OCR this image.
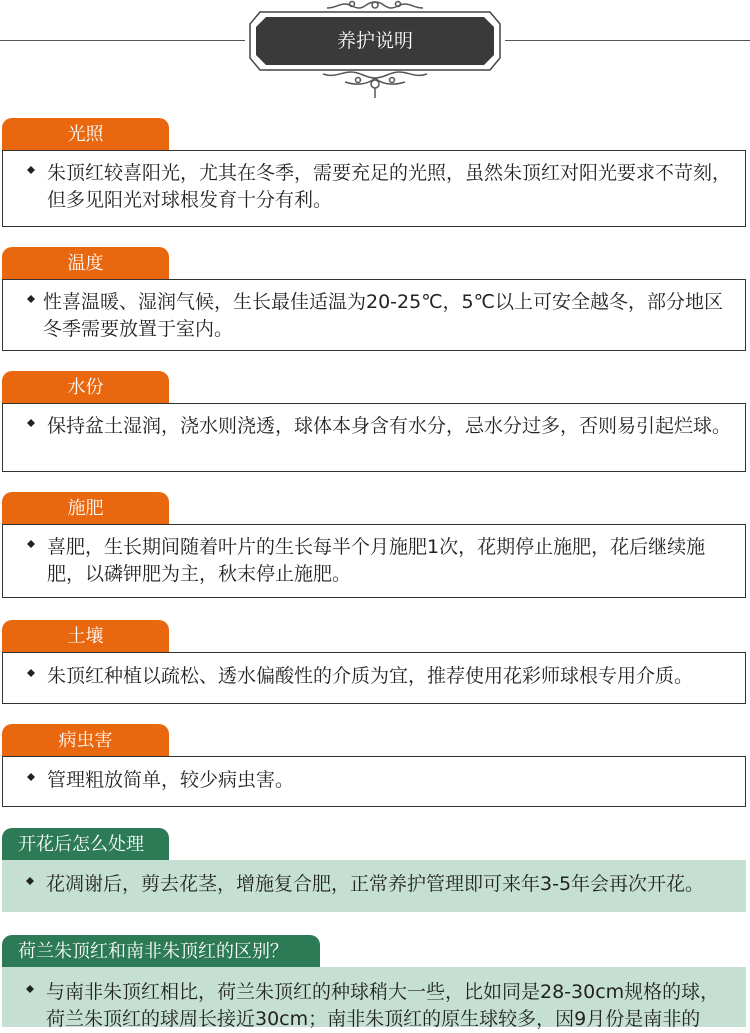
养护说明
光照
朱顶红较喜阳光，尤其在冬季，需要充足的光照，虽然朱顶红对阳光要求不苛刻，但多见阳光对球根发育十分有利。
温度
性喜温暖、湿润气候，生长最佳适温为20-25℃，5℃以上可安全越冬，部分地区冬季需要放置于室内。
水份
保持盆土湿润，浇水则浇透，球体本身含有水分，忌水分过多，否则易引起烂球。
施肥
喜肥，生长期间随着叶片的生长每半个月施肥1次，花期停止施肥，花后继续施肥，以磷钾肥为主，秋末停止施肥。
土壤
朱顶红种植以疏松、透水偏酸性的介质为宜，推荐使用花彩师球根专用介质。
病虫害
管理粗放简单，较少病虫害。
开花后怎么处理
花凋谢后，剪去花茎，增施复合肥，正常养护管理即可来年3-5年会再次开花。
荷兰朱顶红和南非朱顶红的区别？
与南非朱顶红相比，荷兰朱顶红的种球稍大一些，比如同是28-30cm规格的球，荷兰朱顶红的球周长接近30cm；南非朱顶红的原生球较多，因9月份是南非的
